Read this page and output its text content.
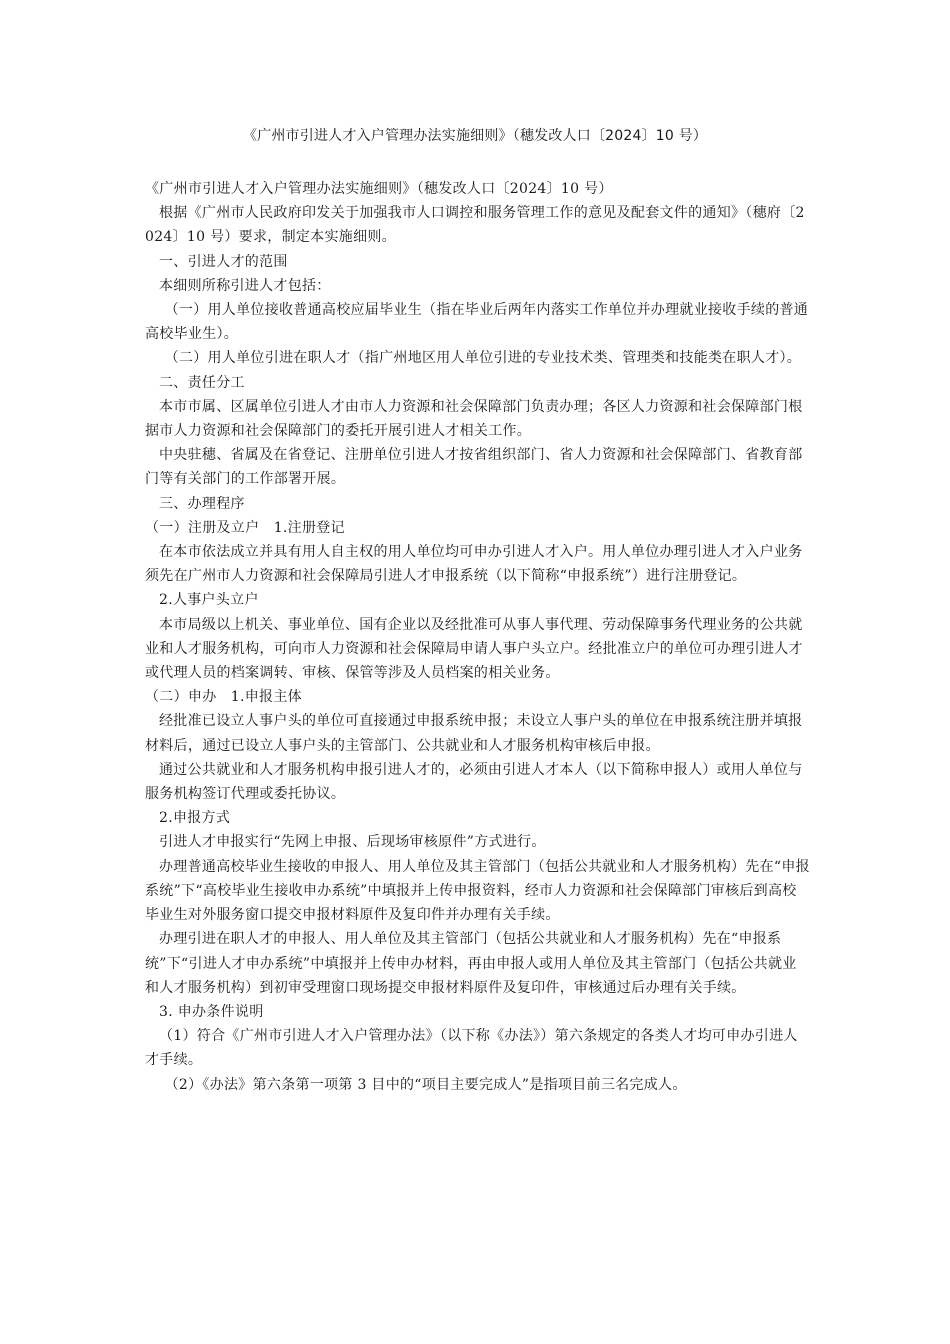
《广州市引进人才入户管理办法实施细则》（穗发改人口〔2024〕10 号）

《广州市引进人才入户管理办法实施细则》（穗发改人口〔2024〕10 号）

根据《广州市人民政府印发关于加强我市人口调控和服务管理工作的意见及配套文件的通知》（穗府〔2024〕10 号）要求，制定本实施细则。

一、引进人才的范围

本细则所称引进人才包括：

（一）用人单位接收普通高校应届毕业生（指在毕业后两年内落实工作单位并办理就业接收手续的普通高校毕业生）。

（二）用人单位引进在职人才（指广州地区用人单位引进的专业技术类、管理类和技能类在职人才）。

二、责任分工

本市市属、区属单位引进人才由市人力资源和社会保障部门负责办理；各区人力资源和社会保障部门根据市人力资源和社会保障部门的委托开展引进人才相关工作。

中央驻穗、省属及在省登记、注册单位引进人才按省组织部门、省人力资源和社会保障部门、省教育部门等有关部门的工作部署开展。

三、办理程序

（一）注册及立户　1.注册登记

在本市依法成立并具有用人自主权的用人单位均可申办引进人才入户。用人单位办理引进人才入户业务须先在广州市人力资源和社会保障局引进人才申报系统（以下简称“申报系统”）进行注册登记。

2.人事户头立户

本市局级以上机关、事业单位、国有企业以及经批准可从事人事代理、劳动保障事务代理业务的公共就业和人才服务机构，可向市人力资源和社会保障局申请人事户头立户。经批准立户的单位可办理引进人才或代理人员的档案调转、审核、保管等涉及人员档案的相关业务。

（二）申办　1.申报主体

经批准已设立人事户头的单位可直接通过申报系统申报；未设立人事户头的单位在申报系统注册并填报材料后，通过已设立人事户头的主管部门、公共就业和人才服务机构审核后申报。

通过公共就业和人才服务机构申报引进人才的，必须由引进人才本人（以下简称申报人）或用人单位与服务机构签订代理或委托协议。

2.申报方式

引进人才申报实行“先网上申报、后现场审核原件”方式进行。

办理普通高校毕业生接收的申报人、用人单位及其主管部门（包括公共就业和人才服务机构）先在“申报系统”下“高校毕业生接收申办系统”中填报并上传申报资料，经市人力资源和社会保障部门审核后到高校毕业生对外服务窗口提交申报材料原件及复印件并办理有关手续。

办理引进在职人才的申报人、用人单位及其主管部门（包括公共就业和人才服务机构）先在“申报系统”下“引进人才申办系统”中填报并上传申办材料，再由申报人或用人单位及其主管部门（包括公共就业和人才服务机构）到初审受理窗口现场提交申报材料原件及复印件，审核通过后办理有关手续。

3. 申办条件说明

（1）符合《广州市引进人才入户管理办法》（以下称《办法》）第六条规定的各类人才均可申办引进人才手续。

（2）《办法》第六条第一项第 3 目中的“项目主要完成人”是指项目前三名完成人。
